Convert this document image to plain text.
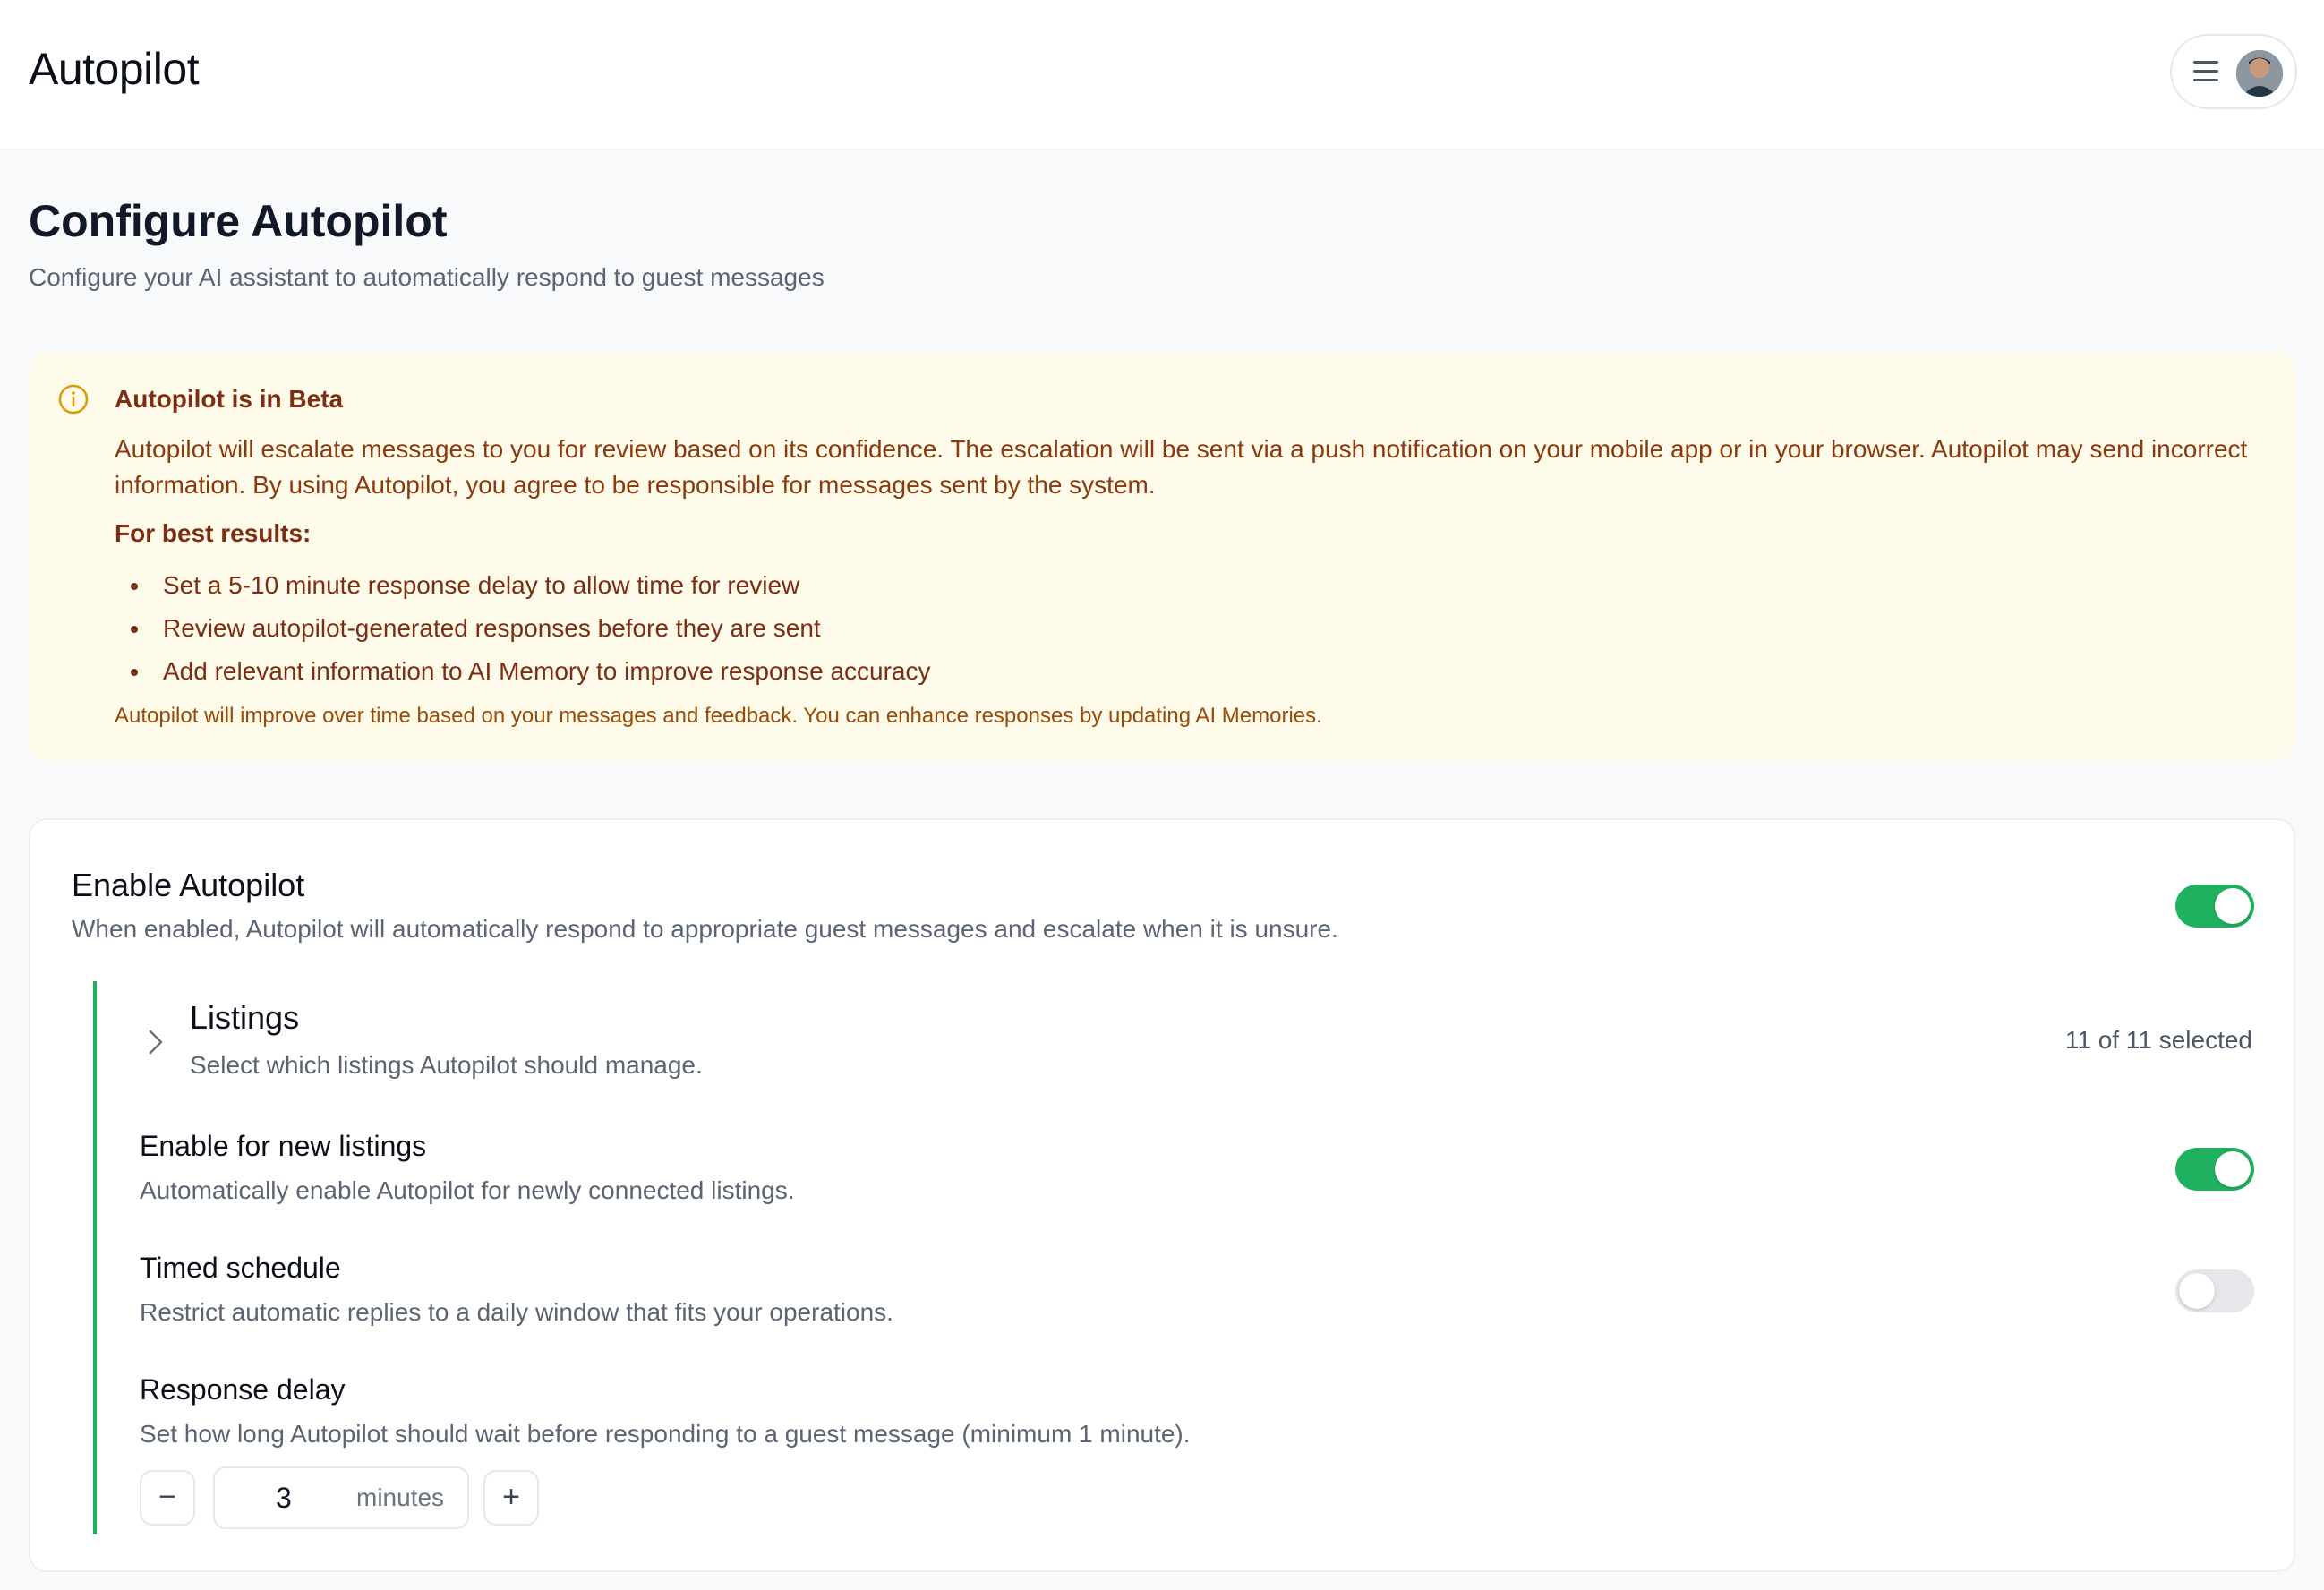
Autopilot
Configure Autopilot

Configure your AI assistant to automatically respond to guest messages

Autopilot is in Beta

Autopilot will escalate messages to you for review based on its confidence. The escalation will be sent via a push notification on your mobile app or in your browser. Autopilot may send incorrect information. By using Autopilot, you agree to be responsible for messages sent by the system.

For best results:
Set a 5-10 minute response delay to allow time for review
Review autopilot-generated responses before they are sent
Add relevant information to AI Memory to improve response accuracy
Autopilot will improve over time based on your messages and feedback. You can enhance responses by updating AI Memories.
Enable Autopilot
When enabled, Autopilot will automatically respond to appropriate guest messages and escalate when it is unsure.
Listings
Select which listings Autopilot should manage.
11 of 11 selected
Enable for new listings
Automatically enable Autopilot for newly connected listings.
Timed schedule
Restrict automatic replies to a daily window that fits your operations.
Response delay
Set how long Autopilot should wait before responding to a guest message (minimum 1 minute).
−	3	minutes	+
